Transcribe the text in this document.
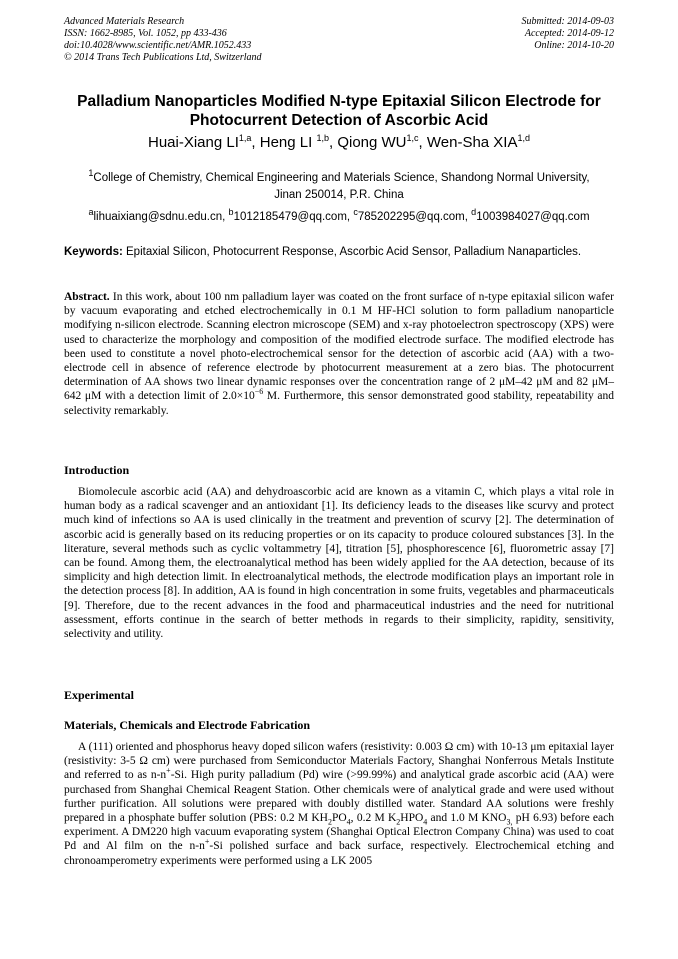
Advanced Materials Research
ISSN: 1662-8985, Vol. 1052, pp 433-436
doi:10.4028/www.scientific.net/AMR.1052.433
© 2014 Trans Tech Publications Ltd, Switzerland
Submitted: 2014-09-03
Accepted: 2014-09-12
Online: 2014-10-20
Palladium Nanoparticles Modified N-type Epitaxial Silicon Electrode for
Photocurrent Detection of Ascorbic Acid
Huai-Xiang LI$^{1,a}$, Heng LI $^{1,b}$, Qiong WU$^{1,c}$, Wen-Sha XIA$^{1,d}$
$^1$College of Chemistry, Chemical Engineering and Materials Science, Shandong Normal University,
Jinan 250014, P.R. China
$^a$lihuaixiang@sdnu.edu.cn, $^b$1012185479@qq.com, $^c$785202295@qq.com, $^d$1003984027@qq.com
Keywords: Epitaxial Silicon, Photocurrent Response, Ascorbic Acid Sensor, Palladium Nanaparticles.
Abstract. In this work, about 100 nm palladium layer was coated on the front surface of n-type epitaxial silicon wafer by vacuum evaporating and etched electrochemically in 0.1 M HF-HCl solution to form palladium nanoparticle modifying n-silicon electrode. Scanning electron microscope (SEM) and x-ray photoelectron spectroscopy (XPS) were used to characterize the morphology and composition of the modified electrode surface. The modified electrode has been used to constitute a novel photo-electrochemical sensor for the detection of ascorbic acid (AA) with a two-electrode cell in absence of reference electrode by photocurrent measurement at a zero bias. The photocurrent determination of AA shows two linear dynamic responses over the concentration range of 2 μM–42 μM and 82 μM–642 μM with a detection limit of $2.0\times 10^{-6}$ M. Furthermore, this sensor demonstrated good stability, repeatability and selectivity remarkably.
Introduction
Biomolecule ascorbic acid (AA) and dehydroascorbic acid are known as a vitamin C, which plays a vital role in human body as a radical scavenger and an antioxidant [1]. Its deficiency leads to the diseases like scurvy and protect much kind of infections so AA is used clinically in the treatment and prevention of scurvy [2]. The determination of ascorbic acid is generally based on its reducing properties or on its capacity to produce coloured substances [3]. In the literature, several methods such as cyclic voltammetry [4], titration [5], phosphorescence [6], fluorometric assay [7] can be found. Among them, the electroanalytical method has been widely applied for the AA detection, because of its simplicity and high detection limit. In electroanalytical methods, the electrode modification plays an important role in the detection process [8]. In addition, AA is found in high concentration in some fruits, vegetables and pharmaceuticals [9]. Therefore, due to the recent advances in the food and pharmaceutical industries and the need for nutritional assessment, efforts continue in the search of better methods in regards to their simplicity, rapidity, sensitivity, selectivity and utility.
Experimental
Materials, Chemicals and Electrode Fabrication
A (111) oriented and phosphorus heavy doped silicon wafers (resistivity: 0.003 Ω cm) with 10-13 μm epitaxial layer (resistivity: 3-5 Ω cm) were purchased from Semiconductor Materials Factory, Shanghai Nonferrous Metals Institute and referred to as n-n+-Si. High purity palladium (Pd) wire (>99.99%) and analytical grade ascorbic acid (AA) were purchased from Shanghai Chemical Reagent Station. Other chemicals were of analytical grade and were used without further purification. All solutions were prepared with doubly distilled water. Standard AA solutions were freshly prepared in a phosphate buffer solution (PBS: 0.2 M $KH_2PO_4$, 0.2 M $K_2HPO_4$ and 1.0 M $KNO_{3,}$ pH 6.93) before each experiment. A DM220 high vacuum evaporating system (Shanghai Optical Electron Company China) was used to coat Pd and Al film on the n-n+-Si polished surface and back surface, respectively. Electrochemical etching and chronoamperometry experiments were performed using a LK 2005
